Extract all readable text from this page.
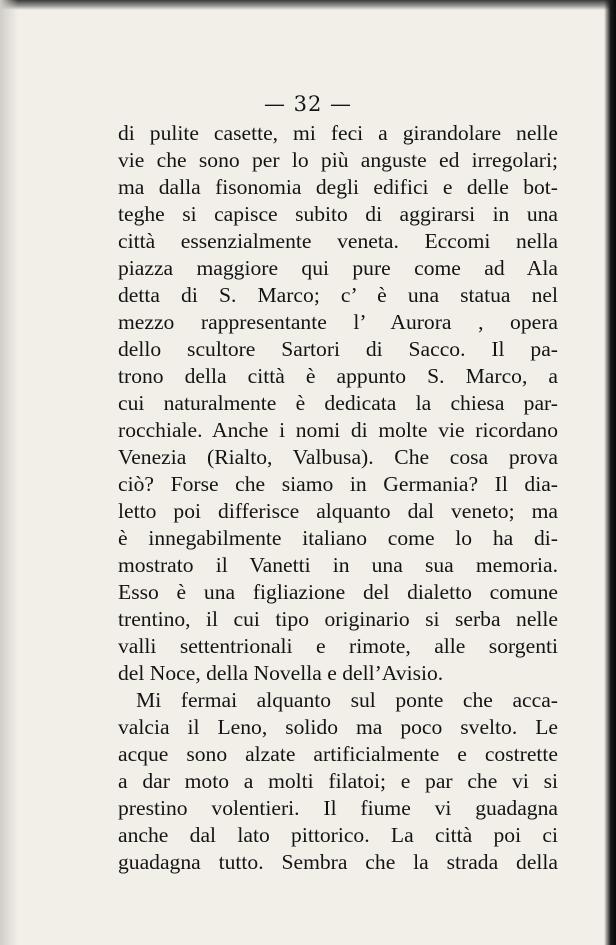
— 32 —
di pulite casette, mi feci a girandolare nelle
vie che sono per lo più anguste ed irregolari;
ma dalla fisonomia degli edifici e delle bot-
teghe si capisce subito di aggirarsi in una
città essenzialmente veneta. Eccomi nella
piazza maggiore qui pure come ad Ala
detta di S. Marco; c’ è una statua nel
mezzo rappresentante l’ Aurora , opera
dello scultore Sartori di Sacco. Il pa-
trono della città è appunto S. Marco, a
cui naturalmente è dedicata la chiesa par-
rocchiale. Anche i nomi di molte vie ricordano
Venezia (Rialto, Valbusa). Che cosa prova
ciò? Forse che siamo in Germania? Il dia-
letto poi differisce alquanto dal veneto; ma
è innegabilmente italiano come lo ha di-
mostrato il Vanetti in una sua memoria.
Esso è una figliazione del dialetto comune
trentino, il cui tipo originario si serba nelle
valli settentrionali e rimote, alle sorgenti
del Noce, della Novella e dell’Avisio.
Mi fermai alquanto sul ponte che acca-
valcia il Leno, solido ma poco svelto. Le
acque sono alzate artificialmente e costrette
a dar moto a molti filatoi; e par che vi si
prestino volentieri. Il fiume vi guadagna
anche dal lato pittorico. La città poi ci
guadagna tutto. Sembra che la strada della
